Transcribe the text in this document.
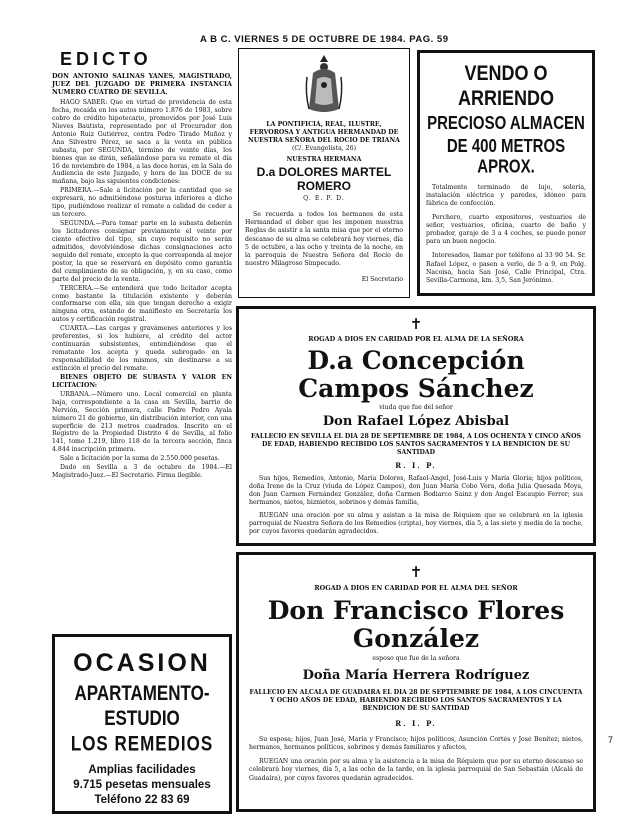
A B C. VIERNES 5 DE OCTUBRE DE 1984. PAG. 59
EDICTO
DON ANTONIO SALINAS YANES, MAGISTRADO, JUEZ DEL JUZGADO DE PRIMERA INSTANCIA NUMERO CUATRO DE SEVILLA.

HAGO SABER: Que en virtud de providencia de esta fecha, recaída en los autos número 1.876 de 1983, sobre cobro de crédito hipotecario, promovidos por José Luis Nieves Bautista, representado por el Procurador don Antonio Ruiz Gutiérrez, contra Pedro Tirado Muñoz y Ana Silvestre Pérez, se saca a la venta en pública subasta, por SEGUNDA, término de veinte días, los bienes que se dirán, señalándose para su remate el día 16 de noviembre de 1984, a las doce horas, en la Sala de Audiencia de este Juzgado, y hora de las DOCE de su mañana, bajo las siguientes condiciones:

PRIMERA.—Sale a licitación por la cantidad que se expresará, no admitiéndose posturas inferiores a dicho tipo, pudiéndose realizar el remate a calidad de ceder a un tercero.

SEGUNDA.—Para tomar parte en la subasta deberán los licitadores consignar previamente el veinte por ciento efectivo del tipo, sin cuyo requisito no serán admitidos, devolviéndose dichas consignaciones acto seguido del remate, excepto la que corresponda al mejor postor, la que se reservará en depósito como garantía del cumplimiento de su obligación, y, en su caso, como parte del precio de la venta.

TERCERA.—Se entenderá que todo licitador acepta como bastante la titulación existente y deberán conformarse con ella, sin que tengan derecho a exigir ninguna otra, estando de manifiesto en Secretaría los autos y certificación registral.

CUARTA.—Las cargas y gravámenes anteriores y los preferentes, si los hubiere, al crédito del actor continuarán subsistentes, entendiéndose que el rematante los acepta y queda subrogado en la responsabilidad de los mismos, sin destinarse a su extinción el precio del remate.

BIENES OBJETO DE SUBASTA Y VALOR EN LICITACION:

URBANA.—Número uno. Local comercial en planta baja, correspondiente a la casa en Sevilla, barrio de Nervión, Sección primera, calle Padre Pedro Ayala número 21 de gobierno, sin distribución interior, con una superficie de 213 metros cuadrados. Inscrito en el Registro de la Propiedad Distrito 4 de Sevilla, al folio 141, tomo 1.219, libro 118 de la tercera sección, finca 4.844 inscripción primera.

Sale a licitación por la suma de 2.550.000 pesetas.

Dado en Sevilla a 3 de octubre de 1984.—El Magistrado-Juez.—El Secretario. Firma ilegible.

OCASION
APARTAMENTO-ESTUDIO
LOS REMEDIOS
Amplias facilidades
9.715 pesetas mensuales
Teléfono 22 83 69
LA PONTIFICIA, REAL, ILUSTRE, FERVOROSA Y ANTIGUA HERMANDAD DE NUESTRA SEÑORA DEL ROCIO DE TRIANA
(C/. Evangelista, 26)
NUESTRA HERMANA
D.a DOLORES MARTEL ROMERO
Q. E. P. D.
Se recuerda a todos los hermanos de esta Hermandad el deber que les imponen nuestras Reglas de asistir a la santa misa que por el eterno descanso de su alma se celebrará hoy viernes, día 5 de octubre, a las ocho y treinta de la noche, en la parroquia de Nuestra Señora del Rocío de nuestro Milagroso Simpecado.
El Secretario
VENDO O ARRIENDO
PRECIOSO ALMACEN
DE 400 METROS APROX.
Totalmente terminado de lujo, solería, instalación eléctrica y paredes, idóneo para fábrica de confección.
Perchero, cuarto expositores, vestuarios de señor, vestuarios, oficina, cuarto de baño y probador, garaje de 3 a 4 coches, se puede poner para un buen negocio.
Interesados, llamar por teléfono al 33 90 54. Sr. Rafael López, o pasen a verlo, de 5 a 9, en Polg. Nacoisa, hacia San José, Calle Principal, Ctra. Sevilla-Carmona, km. 3,5, San Jerónimo.
✝
ROGAD A DIOS EN CARIDAD POR EL ALMA DE LA SEÑORA
D.a Concepción Campos Sánchez
viuda que fue del señor
Don Rafael López Abisbal
FALLECIO EN SEVILLA EL DIA 28 DE SEPTIEMBRE DE 1984, A LOS OCHENTA Y CINCO AÑOS DE EDAD, HABIENDO RECIBIDO LOS SANTOS SACRAMENTOS Y LA BENDICION DE SU SANTIDAD
R. I. P.
Sus hijos, Remedios, Antonio, María Dolores, Rafael-Angel, José-Luis y María Gloria; hijos políticos, doña Irene de la Cruz (viuda de López Campos), don Juan María Cobo Vera, doña Julia Quesada Moya, don Juan Carmen Fernández González, doña Carmen Bodiarco Sainz y don Angel Escaupio Ferrer; sus hermanos, nietos, biznietos, sobrinos y demás familia,
RUEGAN una oración por su alma y asistan a la misa de Réquiem que se celebrará en la iglesia parroquial de Nuestra Señora de los Remedios (cripta), hoy viernes, día 5, a las siete y media de la noche, por cuyos favores quedarán agradecidos.
✝
ROGAD A DIOS EN CARIDAD POR EL ALMA DEL SEÑOR
Don Francisco Flores González
esposo que fue de la señora
Doña María Herrera Rodríguez
FALLECIO EN ALCALA DE GUADAIRA EL DIA 28 DE SEPTIEMBRE DE 1984, A LOS CINCUENTA Y OCHO AÑOS DE EDAD, HABIENDO RECIBIDO LOS SANTOS SACRAMENTOS Y LA BENDICION DE SU SANTIDAD
R. I. P.
Su esposa; hijos, Juan José, María y Francisco; hijos políticos, Asunción Cortés y José Benítez; nietos, hermanos, hermanos políticos, sobrinos y demás familiares y afectos,
RUEGAN una oración por su alma y la asistencia a la misa de Réquiem que por su eterno descanso se celebrará hoy viernes, día 5, a las ocho de la tarde, en la iglesia parroquial de San Sebastián (Alcalá de Guadaíra), por cuyos favores quedarán agradecidos.
7
